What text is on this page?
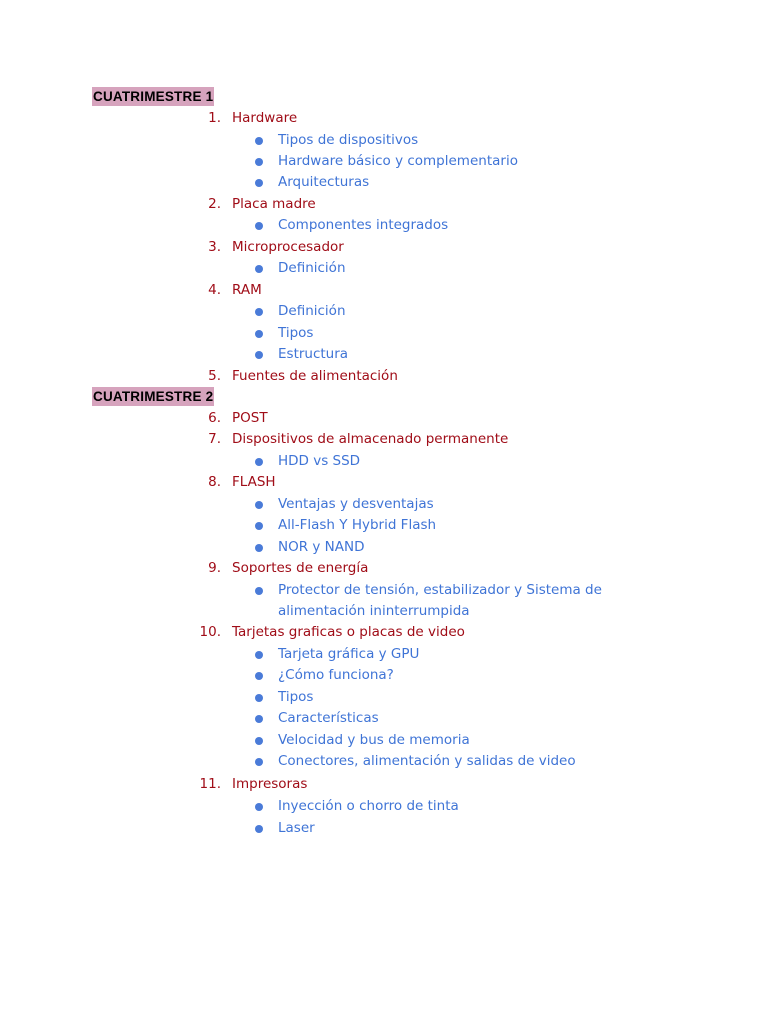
CUATRIMESTRE 1
1. Hardware
Tipos de dispositivos
Hardware básico y complementario
Arquitecturas
2. Placa madre
Componentes integrados
3. Microprocesador
Definición
4. RAM
Definición
Tipos
Estructura
5. Fuentes de alimentación
CUATRIMESTRE 2
6. POST
7. Dispositivos de almacenado permanente
HDD vs SSD
8. FLASH
Ventajas y desventajas
All-Flash Y Hybrid Flash
NOR y NAND
9. Soportes de energía
Protector de tensión, estabilizador y Sistema de
alimentación ininterrumpida
10. Tarjetas graficas o placas de video
Tarjeta gráfica y GPU
¿Cómo funciona?
Tipos
Características
Velocidad y bus de memoria
Conectores, alimentación y salidas de video
11. Impresoras
Inyección o chorro de tinta
Laser
